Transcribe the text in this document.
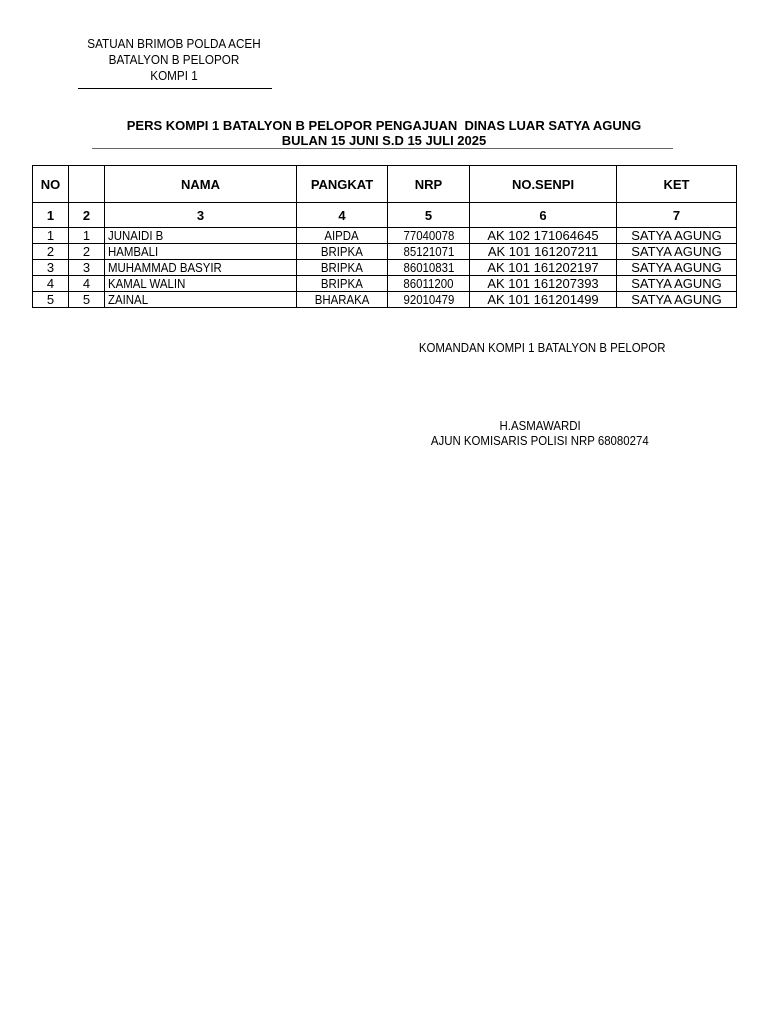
SATUAN BRIMOB POLDA ACEH
BATALYON B PELOPOR
KOMPI 1
PERS KOMPI 1 BATALYON B PELOPOR PENGAJUAN  DINAS LUAR SATYA AGUNG
BULAN 15 JUNI S.D 15 JULI 2025
NO		NAMA	PANGKAT	NRP	NO.SENPI	KET
1	2	3	4	5	6	7
1	1	JUNAIDI B	AIPDA	77040078	AK 102 171064645	SATYA AGUNG
2	2	HAMBALI	BRIPKA	85121071	AK 101 161207211	SATYA AGUNG
3	3	MUHAMMAD BASYIR	BRIPKA	86010831	AK 101 161202197	SATYA AGUNG
4	4	KAMAL WALIN	BRIPKA	86011200	AK 101 161207393	SATYA AGUNG
5	5	ZAINAL	BHARAKA	92010479	AK 101 161201499	SATYA AGUNG
KOMANDAN KOMPI 1 BATALYON B PELOPOR
H.ASMAWARDI
AJUN KOMISARIS POLISI NRP 68080274
